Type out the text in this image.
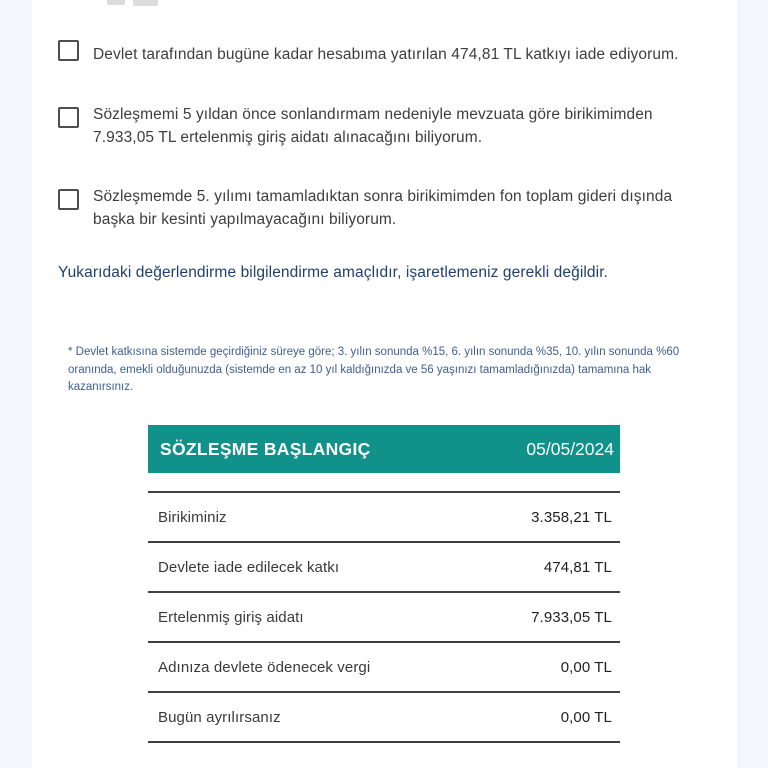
Devlet tarafından bugüne kadar hesabıma yatırılan 474,81 TL katkıyı iade ediyorum.
Sözleşmemi 5 yıldan önce sonlandırmam nedeniyle mevzuata göre birikimimden 7.933,05 TL ertelenmiş giriş aidatı alınacağını biliyorum.
Sözleşmemde 5. yılımı tamamladıktan sonra birikimimden fon toplam gideri dışında başka bir kesinti yapılmayacağını biliyorum.
Yukarıdaki değerlendirme bilgilendirme amaçlıdır, işaretlemeniz gerekli değildir.
* Devlet katkısına sistemde geçirdiğiniz süreye göre; 3. yılın sonunda %15, 6. yılın sonunda %35, 10. yılın sonunda %60 oranında, emekli olduğunuzda (sistemde en az 10 yıl kaldığınızda ve 56 yaşınızı tamamladığınızda) tamamına hak kazanırsınız.
SÖZLEŞME BAŞLANGIÇ	05/05/2024
Birikiminiz	3.358,21 TL
Devlete iade edilecek katkı	474,81 TL
Ertelenmiş giriş aidatı	7.933,05 TL
Adınıza devlete ödenecek vergi	0,00 TL
Bugün ayrılırsanız	0,00 TL
